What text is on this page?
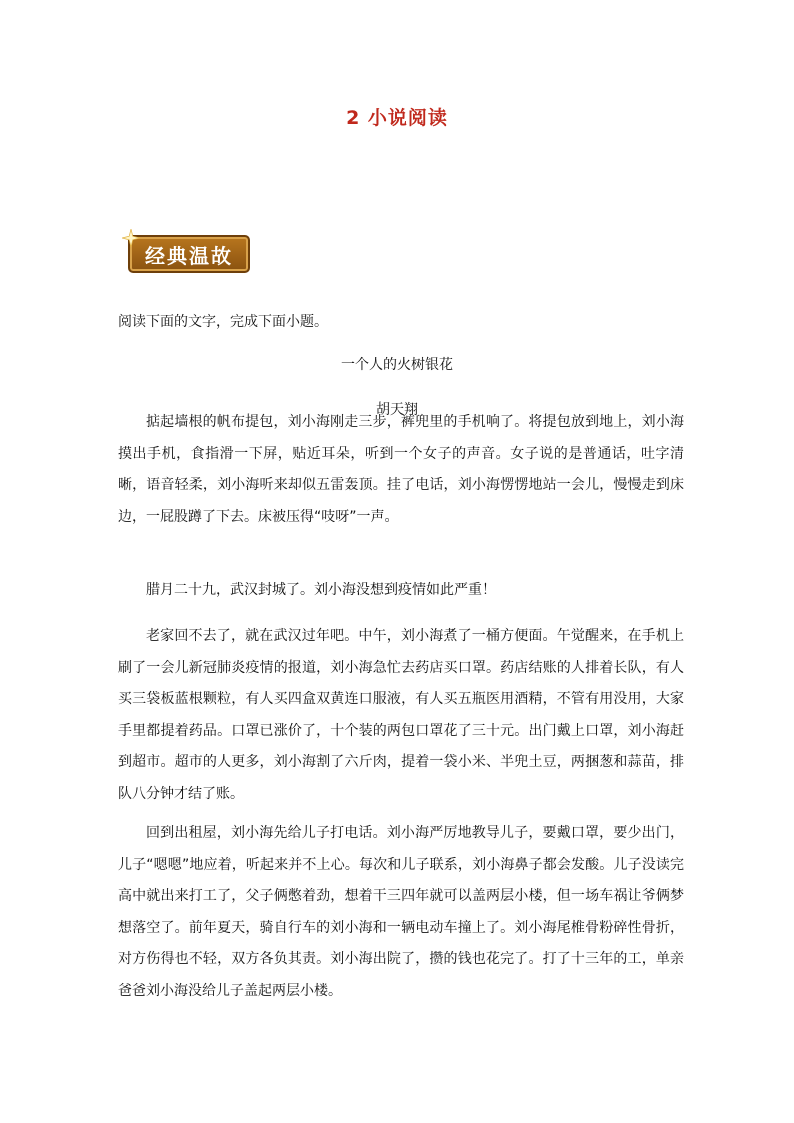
2 小说阅读
经典温故
阅读下面的文字，完成下面小题。
一个人的火树银花
胡天翔

掂起墙根的帆布提包，刘小海刚走三步，裤兜里的手机响了。将提包放到地上，刘小海摸出手机，食指滑一下屏，贴近耳朵，听到一个女子的声音。女子说的是普通话，吐字清晰，语音轻柔，刘小海听来却似五雷轰顶。挂了电话，刘小海愣愣地站一会儿，慢慢走到床边，一屁股蹲了下去。床被压得“吱呀”一声。

腊月二十九，武汉封城了。刘小海没想到疫情如此严重！

老家回不去了，就在武汉过年吧。中午，刘小海煮了一桶方便面。午觉醒来，在手机上刷了一会儿新冠肺炎疫情的报道，刘小海急忙去药店买口罩。药店结账的人排着长队，有人买三袋板蓝根颗粒，有人买四盒双黄连口服液，有人买五瓶医用酒精，不管有用没用，大家手里都提着药品。口罩已涨价了，十个装的两包口罩花了三十元。出门戴上口罩，刘小海赶到超市。超市的人更多，刘小海割了六斤肉，提着一袋小米、半兜土豆，两捆葱和蒜苗，排队八分钟才结了账。

回到出租屋，刘小海先给儿子打电话。刘小海严厉地教导儿子，要戴口罩，要少出门，儿子“嗯嗯”地应着，听起来并不上心。每次和儿子联系，刘小海鼻子都会发酸。儿子没读完高中就出来打工了，父子俩憋着劲，想着干三四年就可以盖两层小楼，但一场车祸让爷俩梦想落空了。前年夏天，骑自行车的刘小海和一辆电动车撞上了。刘小海尾椎骨粉碎性骨折，对方伤得也不轻，双方各负其责。刘小海出院了，攒的钱也花完了。打了十三年的工，单亲爸爸刘小海没给儿子盖起两层小楼。
